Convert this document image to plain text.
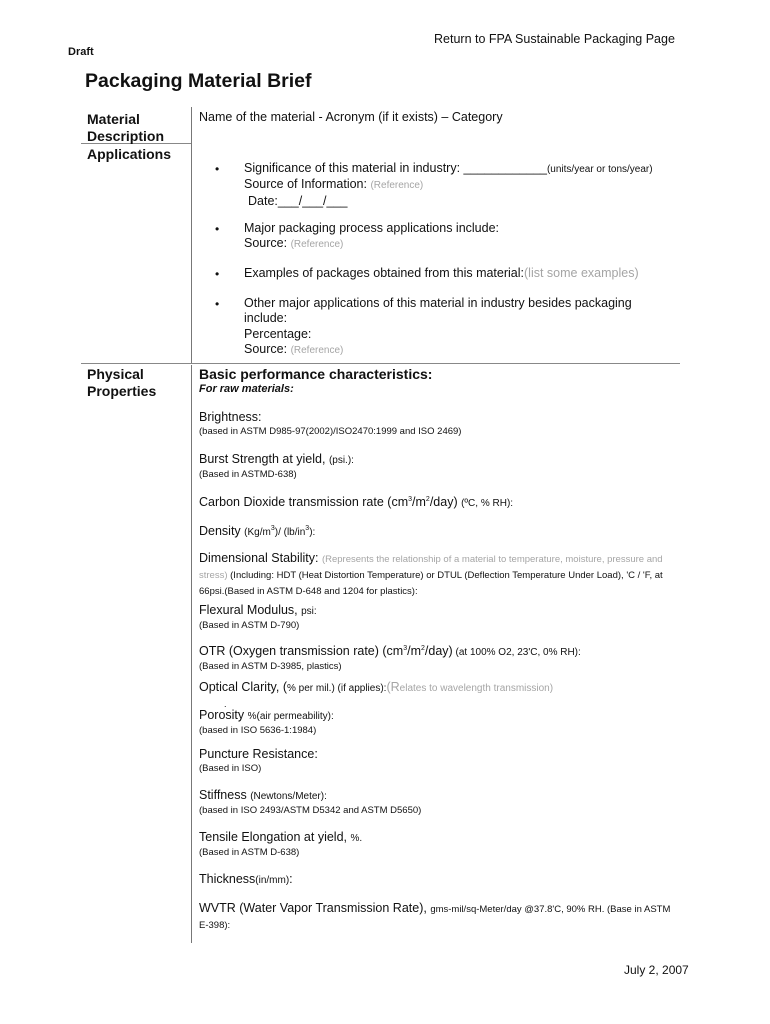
Return to FPA Sustainable Packaging Page
Draft
Packaging Material Brief
Material
Description
Applications
Physical
Properties
Name of the material - Acronym (if it exists) – Category
• Significance of this material in industry: ____________(units/year or tons/year)
Source of Information: (Reference)
Date:___/___/___
• Major packaging process applications include:
Source: (Reference)
• Examples of packages obtained from this material:(list some examples)
• Other major applications of this material in industry besides packaging
include:
Percentage:
Source: (Reference)
Basic performance characteristics:
For raw materials:
Brightness:
(based in ASTM D985-97(2002)/ISO2470:1999 and ISO 2469)
Burst Strength at yield, (psi.):
(Based in ASTMD-638)
Carbon Dioxide transmission rate $(cm^3/m^2/day)$ (ºC, % RH):
Density $(Kg/m^3)/$ $(lb/in^3)$:
Dimensional Stability: (Represents the relationship of a material to temperature, moisture, pressure and stress) (Including: HDT (Heat Distortion Temperature) or DTUL (Deflection Temperature Under Load), 'C / 'F, at 66psi.(Based in ASTM D-648 and 1204 for plastics):
Flexural Modulus, psi:
(Based in ASTM D-790)
OTR (Oxygen transmission rate) $(cm^3/m^2/day)$ (at 100% O2, 23'C, 0% RH):
(Based in ASTM D-3985, plastics)
Optical Clarity, (% per mil.) (if applies):(Relates to wavelength transmission)
.
Porosity %(air permeability):
(based in ISO 5636-1:1984)
Puncture Resistance:
(Based in ISO)
Stiffness (Newtons/Meter):
(based in ISO 2493/ASTM D5342 and ASTM D5650)
Tensile Elongation at yield, %.
(Based in ASTM D-638)
Thickness(in/mm):
WVTR (Water Vapor Transmission Rate), gms-mil/sq-Meter/day @37.8'C, 90% RH. (Base in ASTM E-398):
July 2, 2007
